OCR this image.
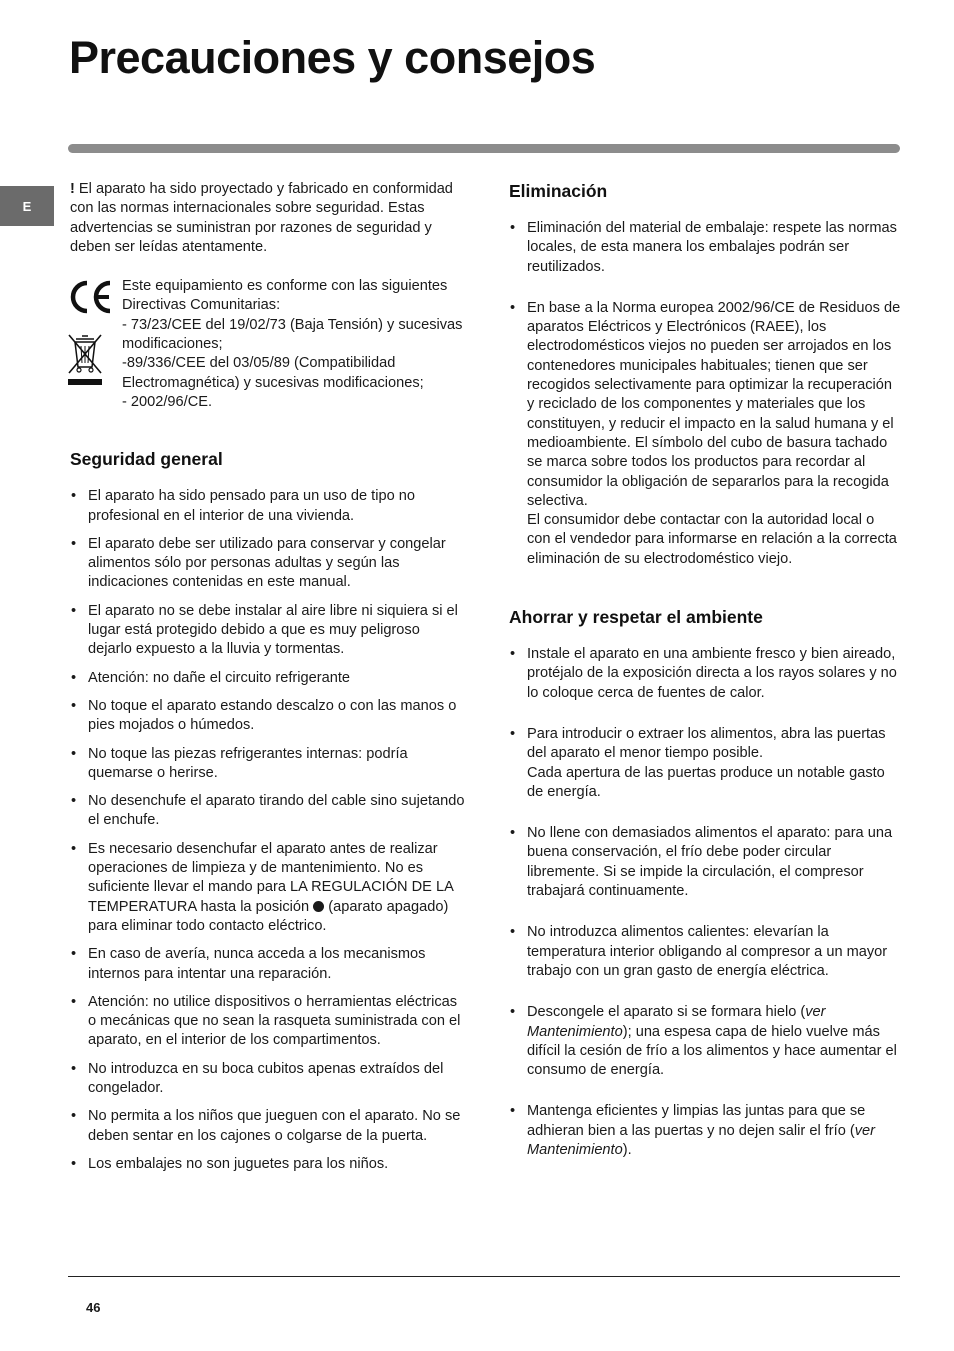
Precauciones y consejos
E

! El aparato ha sido proyectado y fabricado en conformidad con las normas internacionales sobre seguridad. Estas advertencias se suministran por razones de seguridad y deben ser leídas atentamente.

Este equipamiento es conforme con las siguientes Directivas Comunitarias:

- 73/23/CEE del 19/02/73 (Baja Tensión) y sucesivas modificaciones;

-89/336/CEE del 03/05/89 (Compatibilidad Electromagnética) y sucesivas modificaciones;

- 2002/96/CE.

Seguridad general
• El aparato ha sido pensado para un uso de tipo no profesional en el interior de una vivienda.
• El aparato debe ser utilizado para conservar y congelar alimentos sólo por personas adultas y según las indicaciones contenidas en este manual.
• El aparato no se debe instalar al aire libre ni siquiera si el lugar está protegido debido a que es muy peligroso dejarlo expuesto a la lluvia y tormentas.
• Atención: no dañe el circuito refrigerante
• No toque el aparato estando descalzo o con las manos o pies mojados o húmedos.
• No toque las piezas refrigerantes internas: podría quemarse o herirse.
• No desenchufe el aparato tirando del cable sino sujetando el enchufe.
• Es necesario desenchufar el aparato antes de realizar operaciones de limpieza y de mantenimiento. No es suficiente llevar el mando para LA REGULACIÓN DE LA TEMPERATURA hasta la posición  (aparato apagado) para eliminar todo contacto eléctrico.
• En caso de avería, nunca acceda a los mecanismos internos para intentar una reparación.
• Atención: no utilice dispositivos o herramientas eléctricas o mecánicas que no sean la rasqueta suministrada con el aparato, en el interior de los compartimentos.
• No introduzca en su boca cubitos apenas extraídos del congelador.
• No permita a los niños que jueguen con el aparato. No se deben sentar en los cajones o colgarse de la puerta.
• Los embalajes no son juguetes para los niños.
Eliminación
• Eliminación del material de embalaje: respete las normas locales, de esta manera los embalajes podrán ser reutilizados.

• En base a la Norma europea 2002/96/CE de Residuos de aparatos Eléctricos y Electrónicos (RAEE), los electrodomésticos viejos no pueden ser arrojados en los contenedores municipales habituales; tienen que ser recogidos selectivamente para optimizar la recuperación y reciclado de los componentes y materiales que los constituyen, y reducir el impacto en la salud humana y el medioambiente. El símbolo del cubo de basura tachado se marca sobre todos los productos para recordar al consumidor la obligación de separarlos para la recogida selectiva.

El consumidor debe contactar con la autoridad local o con el vendedor para informarse en relación a la correcta eliminación de su electrodoméstico viejo.

Ahorrar y respetar el ambiente
• Instale el aparato en una ambiente fresco y bien aireado, protéjalo de la exposición directa a los rayos solares y no lo coloque cerca de fuentes de calor.

• Para introducir o extraer los alimentos, abra las puertas del aparato el menor tiempo posible.

Cada apertura de las puertas produce un notable gasto de energía.

• No llene con demasiados alimentos el aparato: para una buena conservación, el frío debe poder circular libremente. Si se impide la circulación, el compresor trabajará continuamente.
• No introduzca alimentos calientes: elevarían la temperatura interior obligando al compresor a un mayor trabajo con un gran gasto de energía eléctrica.
• Descongele el aparato si se formara hielo (ver Mantenimiento); una espesa capa de hielo vuelve más difícil la cesión de frío a los alimentos y hace aumentar el consumo de energía.
• Mantenga eficientes y limpias las juntas para que se adhieran bien a las puertas y no dejen salir el frío (ver Mantenimiento).
46
